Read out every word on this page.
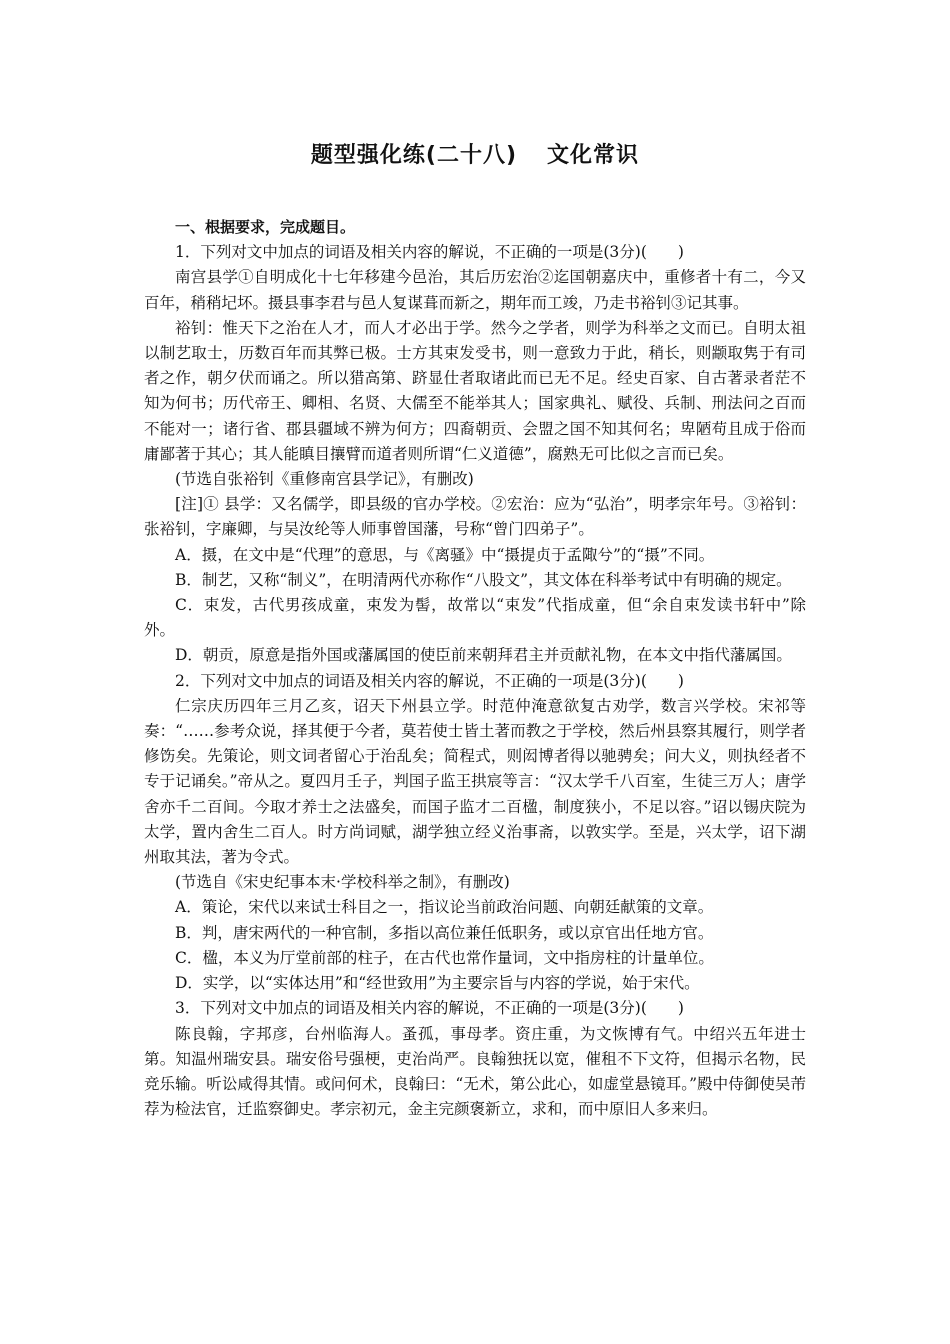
题型强化练(二十八) 文化常识

一、根据要求，完成题目。

1．下列对文中加点的词语及相关内容的解说，不正确的一项是(3分)(　　)

南宫县学①自明成化十七年移建今邑治，其后历宏治②迄国朝嘉庆中，重修者十有二，今又百年，稍稍圮坏。摄县事李君与邑人复谋葺而新之，期年而工竣，乃走书裕钊③记其事。

裕钊：惟天下之治在人才，而人才必出于学。然今之学者，则学为科举之文而已。自明太祖以制艺取士，历数百年而其弊已极。士方其束发受书，则一意致力于此，稍长，则颛取隽于有司者之作，朝夕伏而诵之。所以猎高第、跻显仕者取诸此而已无不足。经史百家、自古著录者茫不知为何书；历代帝王、卿相、名贤、大儒至不能举其人；国家典礼、赋役、兵制、刑法问之百而不能对一；诸行省、郡县疆域不辨为何方；四裔朝贡、会盟之国不知其何名；卑陋苟且成于俗而庸鄙著于其心；其人能瞋目攘臂而道者则所谓“仁义道德”，腐熟无可比似之言而已矣。

(节选自张裕钊《重修南宫县学记》，有删改)

[注]① 县学：又名儒学，即县级的官办学校。②宏治：应为“弘治”，明孝宗年号。③裕钊：张裕钊，字廉卿，与吴汝纶等人师事曾国藩，号称“曾门四弟子”。

A．摄，在文中是“代理”的意思，与《离骚》中“摄提贞于孟陬兮”的“摄”不同。

B．制艺，又称“制义”，在明清两代亦称作“八股文”，其文体在科举考试中有明确的规定。

C．束发，古代男孩成童，束发为髻，故常以“束发”代指成童，但“余自束发读书轩中”除外。

D．朝贡，原意是指外国或藩属国的使臣前来朝拜君主并贡献礼物，在本文中指代藩属国。

2．下列对文中加点的词语及相关内容的解说，不正确的一项是(3分)(　　)

仁宗庆历四年三月乙亥，诏天下州县立学。时范仲淹意欲复古劝学，数言兴学校。宋祁等奏：“……参考众说，择其便于今者，莫若使士皆土著而教之于学校，然后州县察其履行，则学者修饬矣。先策论，则文词者留心于治乱矣；简程式，则闳博者得以驰骋矣；问大义，则执经者不专于记诵矣。”帝从之。夏四月壬子，判国子监王拱宸等言：“汉太学千八百室，生徒三万人；唐学舍亦千二百间。今取才养士之法盛矣，而国子监才二百楹，制度狭小，不足以容。”诏以锡庆院为太学，置内舍生二百人。时方尚词赋，湖学独立经义治事斋，以敦实学。至是，兴太学，诏下湖州取其法，著为令式。

(节选自《宋史纪事本末·学校科举之制》，有删改)

A．策论，宋代以来试士科目之一，指议论当前政治问题、向朝廷献策的文章。

B．判，唐宋两代的一种官制，多指以高位兼任低职务，或以京官出任地方官。

C．楹，本义为厅堂前部的柱子，在古代也常作量词，文中指房柱的计量单位。

D．实学，以“实体达用”和“经世致用”为主要宗旨与内容的学说，始于宋代。

3．下列对文中加点的词语及相关内容的解说，不正确的一项是(3分)(　　)

陈良翰，字邦彦，台州临海人。蚤孤，事母孝。资庄重，为文恢博有气。中绍兴五年进士第。知温州瑞安县。瑞安俗号强梗，吏治尚严。良翰独抚以宽，催租不下文符，但揭示名物，民竞乐输。听讼咸得其情。或问何术，良翰曰：“无术，第公此心，如虚堂悬镜耳。”殿中侍御使吴芾荐为检法官，迁监察御史。孝宗初元，金主完颜褒新立，求和，而中原旧人多来归。
